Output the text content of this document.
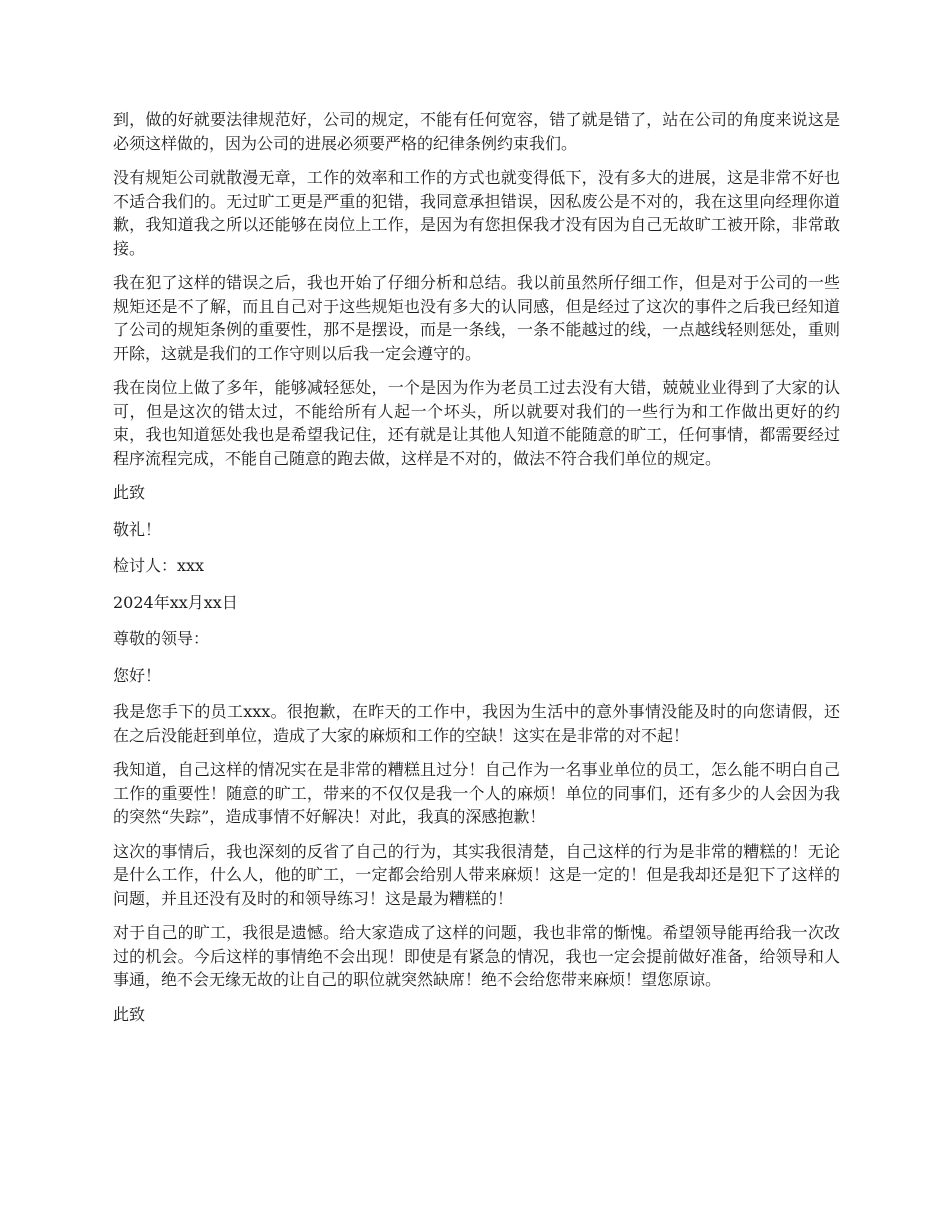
到，做的好就要法律规范好，公司的规定，不能有任何宽容，错了就是错了，站在公司的角度来说这是必须这样做的，因为公司的进展必须要严格的纪律条例约束我们。

没有规矩公司就散漫无章，工作的效率和工作的方式也就变得低下，没有多大的进展，这是非常不好也不适合我们的。无过旷工更是严重的犯错，我同意承担错误，因私废公是不对的，我在这里向经理你道歉，我知道我之所以还能够在岗位上工作，是因为有您担保我才没有因为自己无故旷工被开除，非常敢接。

我在犯了这样的错误之后，我也开始了仔细分析和总结。我以前虽然所仔细工作，但是对于公司的一些规矩还是不了解，而且自己对于这些规矩也没有多大的认同感，但是经过了这次的事件之后我已经知道了公司的规矩条例的重要性，那不是摆设，而是一条线，一条不能越过的线，一点越线轻则惩处，重则开除，这就是我们的工作守则以后我一定会遵守的。

我在岗位上做了多年，能够减轻惩处，一个是因为作为老员工过去没有大错，兢兢业业得到了大家的认可，但是这次的错太过，不能给所有人起一个坏头，所以就要对我们的一些行为和工作做出更好的约束，我也知道惩处我也是希望我记住，还有就是让其他人知道不能随意的旷工，任何事情，都需要经过程序流程完成，不能自己随意的跑去做，这样是不对的，做法不符合我们单位的规定。

此致

敬礼！

检讨人：xxx

2024年xx月xx日

尊敬的领导：

您好！

我是您手下的员工xxx。很抱歉，在昨天的工作中，我因为生活中的意外事情没能及时的向您请假，还在之后没能赶到单位，造成了大家的麻烦和工作的空缺！这实在是非常的对不起！

我知道，自己这样的情况实在是非常的糟糕且过分！自己作为一名事业单位的员工，怎么能不明白自己工作的重要性！随意的旷工，带来的不仅仅是我一个人的麻烦！单位的同事们，还有多少的人会因为我的突然“失踪”，造成事情不好解决！对此，我真的深感抱歉！

这次的事情后，我也深刻的反省了自己的行为，其实我很清楚，自己这样的行为是非常的糟糕的！无论是什么工作，什么人，他的旷工，一定都会给别人带来麻烦！这是一定的！但是我却还是犯下了这样的问题，并且还没有及时的和领导练习！这是最为糟糕的！

对于自己的旷工，我很是遗憾。给大家造成了这样的问题，我也非常的惭愧。希望领导能再给我一次改过的机会。今后这样的事情绝不会出现！即使是有紧急的情况，我也一定会提前做好准备，给领导和人事通，绝不会无缘无故的让自己的职位就突然缺席！绝不会给您带来麻烦！望您原谅。

此致
